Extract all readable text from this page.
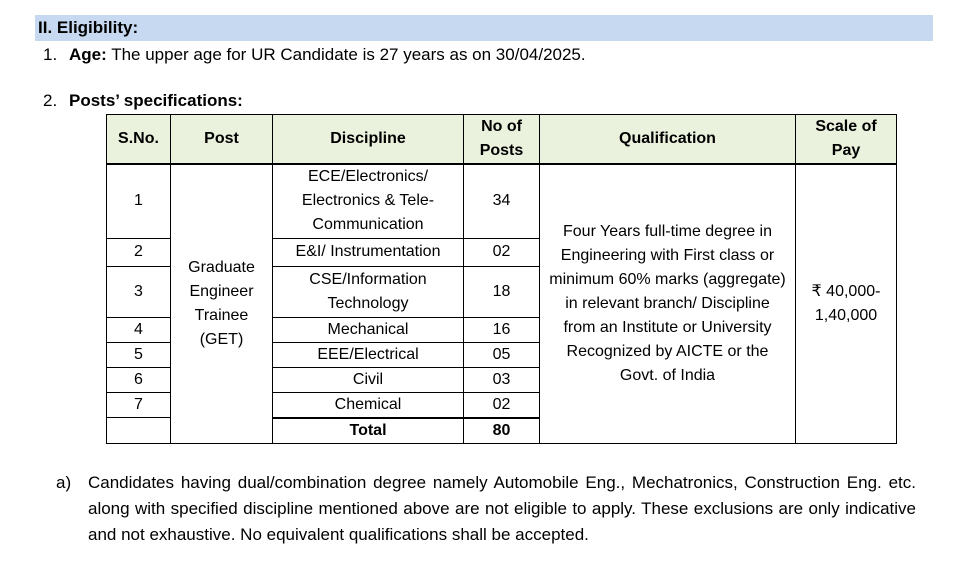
II. Eligibility:
1. Age: The upper age for UR Candidate is 27 years as on 30/04/2025.
2. Posts’ specifications:
S.No.	Post	Discipline	No of Posts	Qualification	Scale of Pay
1	Graduate Engineer Trainee (GET)	ECE/Electronics/ Electronics & Tele-Communication	34	Four Years full-time degree in Engineering with First class or minimum 60% marks (aggregate) in relevant branch/ Discipline from an Institute or University Recognized by AICTE or the Govt. of India	₹ 40,000-1,40,000
2		E&I/ Instrumentation	02		
3		CSE/Information Technology	18		
4		Mechanical	16		
5		EEE/Electrical	05		
6		Civil	03		
7		Chemical	02		
		Total	80		
a) Candidates having dual/combination degree namely Automobile Eng., Mechatronics, Construction Eng. etc. along with specified discipline mentioned above are not eligible to apply. These exclusions are only indicative and not exhaustive. No equivalent qualifications shall be accepted.
